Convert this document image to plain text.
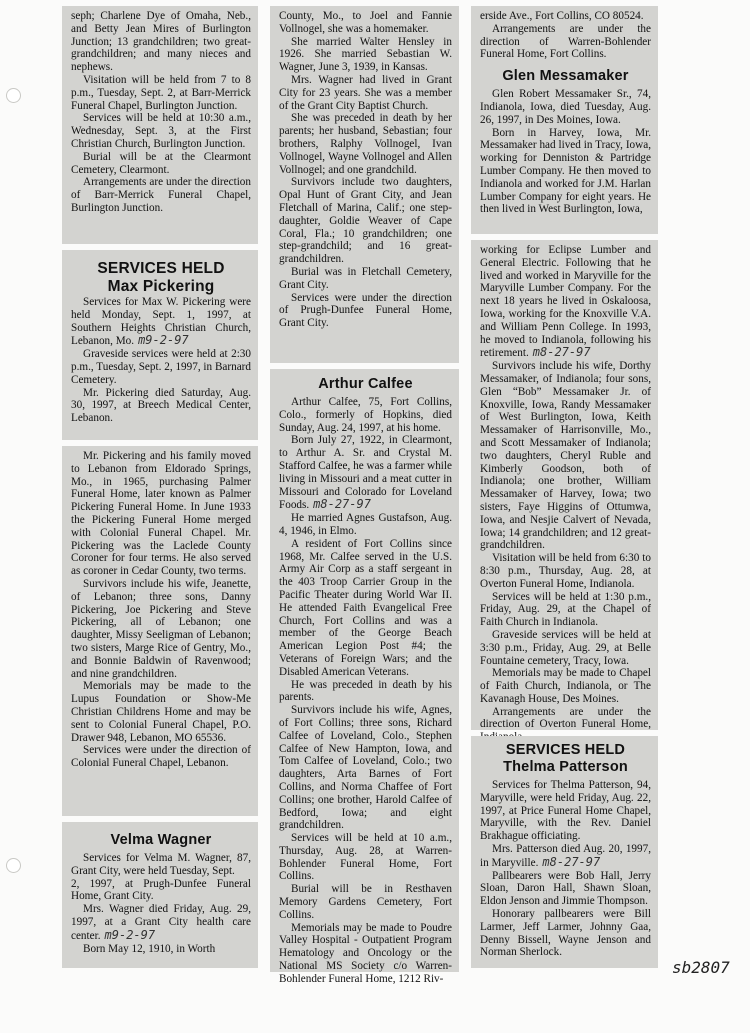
seph; Charlene Dye of Omaha, Neb., and Betty Jean Mires of Burlington Junction; 13 grandchildren; two great-grandchildren; and many nieces and nephews.

Visitation will be held from 7 to 8 p.m., Tuesday, Sept. 2, at Barr-Merrick Funeral Chapel, Burlington Junction.

Services will be held at 10:30 a.m., Wednesday, Sept. 3, at the First Christian Church, Burlington Junction.

Burial will be at the Clearmont Cemetery, Clearmont.

Arrangements are under the direction of Barr-Merrick Funeral Chapel, Burlington Junction.

SERVICES HELD
Max Pickering

Services for Max W. Pickering were held Monday, Sept. 1, 1997, at Southern Heights Christian Church, Lebanon, Mo. m9-2-97

Graveside services were held at 2:30 p.m., Tuesday, Sept. 2, 1997, in Barnard Cemetery.

Mr. Pickering died Saturday, Aug. 30, 1997, at Breech Medical Center, Lebanon.

Mr. Pickering and his family moved to Lebanon from Eldorado Springs, Mo., in 1965, purchasing Palmer Funeral Home, later known as Palmer Pickering Funeral Home. In June 1933 the Pickering Funeral Home merged with Colonial Funeral Chapel. Mr. Pickering was the Laclede County Coroner for four terms. He also served as coroner in Cedar County, two terms.

Survivors include his wife, Jeanette, of Lebanon; three sons, Danny Pickering, Joe Pickering and Steve Pickering, all of Lebanon; one daughter, Missy Seeligman of Lebanon; two sisters, Marge Rice of Gentry, Mo., and Bonnie Baldwin of Ravenwood; and nine grandchildren.

Memorials may be made to the Lupus Foundation or Show-Me Christian Childrens Home and may be sent to Colonial Funeral Chapel, P.O. Drawer 948, Lebanon, MO 65536.

Services were under the direction of Colonial Funeral Chapel, Lebanon.

Velma Wagner

Services for Velma M. Wagner, 87, Grant City, were held Tuesday, Sept.

2, 1997, at Prugh-Dunfee Funeral Home, Grant City.

Mrs. Wagner died Friday, Aug. 29, 1997, at a Grant City health care center. m9-2-97

Born May 12, 1910, in Worth

County, Mo., to Joel and Fannie Vollnogel, she was a homemaker.

She married Walter Hensley in 1926. She married Sebastian W. Wagner, June 3, 1939, in Kansas.

Mrs. Wagner had lived in Grant City for 23 years. She was a member of the Grant City Baptist Church.

She was preceded in death by her parents; her husband, Sebastian; four brothers, Ralphy Vollnogel, Ivan Vollnogel, Wayne Vollnogel and Allen Vollnogel; and one grandchild.

Survivors include two daughters, Opal Hunt of Grant City, and Jean Fletchall of Marina, Calif.; one step-daughter, Goldie Weaver of Cape Coral, Fla.; 10 grandchildren; one step-grandchild; and 16 great-grandchildren.

Burial was in Fletchall Cemetery, Grant City.

Services were under the direction of Prugh-Dunfee Funeral Home, Grant City.

Arthur Calfee

Arthur Calfee, 75, Fort Collins, Colo., formerly of Hopkins, died Sunday, Aug. 24, 1997, at his home.

Born July 27, 1922, in Clearmont, to Arthur A. Sr. and Crystal M. Stafford Calfee, he was a farmer while living in Missouri and a meat cutter in Missouri and Colorado for Loveland Foods. m8-27-97

He married Agnes Gustafson, Aug. 4, 1946, in Elmo.

A resident of Fort Collins since 1968, Mr. Calfee served in the U.S. Army Air Corp as a staff sergeant in the 403 Troop Carrier Group in the Pacific Theater during World War II. He attended Faith Evangelical Free Church, Fort Collins and was a member of the George Beach American Legion Post #4; the Veterans of Foreign Wars; and the Disabled American Veterans.

He was preceded in death by his parents.

Survivors include his wife, Agnes, of Fort Collins; three sons, Richard Calfee of Loveland, Colo., Stephen Calfee of New Hampton, Iowa, and Tom Calfee of Loveland, Colo.; two daughters, Arta Barnes of Fort Collins, and Norma Chaffee of Fort Collins; one brother, Harold Calfee of Bedford, Iowa; and eight grandchildren.

Services will be held at 10 a.m., Thursday, Aug. 28, at Warren-Bohlender Funeral Home, Fort Collins.

Burial will be in Resthaven Memory Gardens Cemetery, Fort Collins.

Memorials may be made to Poudre Valley Hospital - Outpatient Program Hematology and Oncology or the National MS Society c/o Warren-Bohlender Funeral Home, 1212 Riv-

erside Ave., Fort Collins, CO 80524.

Arrangements are under the direction of Warren-Bohlender Funeral Home, Fort Collins.

Glen Messamaker

Glen Robert Messamaker Sr., 74, Indianola, Iowa, died Tuesday, Aug. 26, 1997, in Des Moines, Iowa.

Born in Harvey, Iowa, Mr. Messamaker had lived in Tracy, Iowa, working for Denniston & Partridge Lumber Company. He then moved to Indianola and worked for J.M. Harlan Lumber Company for eight years. He then lived in West Burlington, Iowa,

working for Eclipse Lumber and General Electric. Following that he lived and worked in Maryville for the Maryville Lumber Company. For the next 18 years he lived in Oskaloosa, Iowa, working for the Knoxville V.A. and William Penn College. In 1993, he moved to Indianola, following his retirement. m8-27-97

Survivors include his wife, Dorthy Messamaker, of Indianola; four sons, Glen “Bob” Messamaker Jr. of Knoxville, Iowa, Randy Messamaker of West Burlington, Iowa, Keith Messamaker of Harrisonville, Mo., and Scott Messamaker of Indianola; two daughters, Cheryl Ruble and Kimberly Goodson, both of Indianola; one brother, William Messamaker of Harvey, Iowa; two sisters, Faye Higgins of Ottumwa, Iowa, and Nesjie Calvert of Nevada, Iowa; 14 grandchildren; and 12 great-grandchildren.

Visitation will be held from 6:30 to 8:30 p.m., Thursday, Aug. 28, at Overton Funeral Home, Indianola.

Services will be held at 1:30 p.m., Friday, Aug. 29, at the Chapel of Faith Church in Indianola.

Graveside services will be held at 3:30 p.m., Friday, Aug. 29, at Belle Fountaine cemetery, Tracy, Iowa.

Memorials may be made to Chapel of Faith Church, Indianola, or The Kavanagh House, Des Moines.

Arrangements are under the direction of Overton Funeral Home,

SERVICES HELD
Thelma Patterson

Services for Thelma Patterson, 94, Maryville, were held Friday, Aug. 22, 1997, at Price Funeral Home Chapel, Maryville, with the Rev. Daniel Brakhague officiating.

Mrs. Patterson died Aug. 20, 1997, in Maryville. m8-27-97

Pallbearers were Bob Hall, Jerry Sloan, Daron Hall, Shawn Sloan, Eldon Jenson and Jimmie Thompson.

Honorary pallbearers were Bill Larmer, Jeff Larmer, Johnny Gaa, Denny Bissell, Wayne Jenson and Norman Sherlock.

sb2807
